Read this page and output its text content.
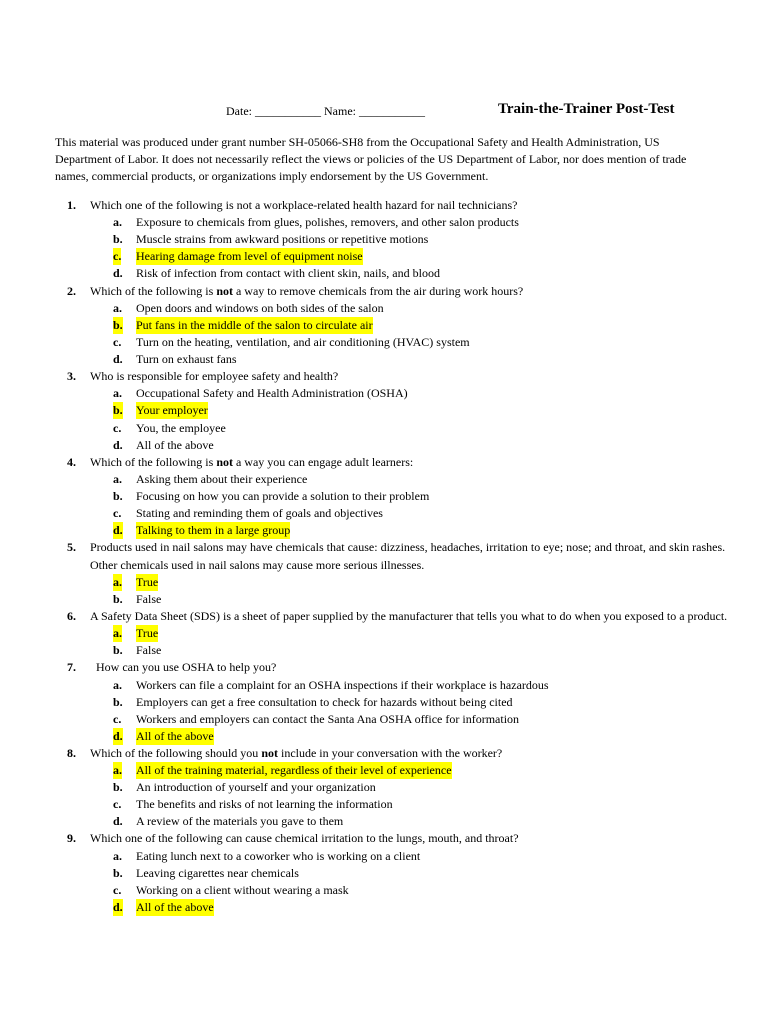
Date: ___________ Name: ___________	Train-the-Trainer Post-Test
This material was produced under grant number SH-05066-SH8 from the Occupational Safety and Health Administration, US Department of Labor. It does not necessarily reflect the views or policies of the US Department of Labor, nor does mention of trade names, commercial products, or organizations imply endorsement by the US Government.
1. Which one of the following is not a workplace-related health hazard for nail technicians?
a. Exposure to chemicals from glues, polishes, removers, and other salon products
b. Muscle strains from awkward positions or repetitive motions
c. Hearing damage from level of equipment noise
d. Risk of infection from contact with client skin, nails, and blood
2. Which of the following is not a way to remove chemicals from the air during work hours?
a. Open doors and windows on both sides of the salon
b. Put fans in the middle of the salon to circulate air
c. Turn on the heating, ventilation, and air conditioning (HVAC) system
d. Turn on exhaust fans
3. Who is responsible for employee safety and health?
a. Occupational Safety and Health Administration (OSHA)
b. Your employer
c. You, the employee
d. All of the above
4. Which of the following is not a way you can engage adult learners:
a. Asking them about their experience
b. Focusing on how you can provide a solution to their problem
c. Stating and reminding them of goals and objectives
d. Talking to them in a large group
5. Products used in nail salons may have chemicals that cause: dizziness, headaches, irritation to eye; nose; and throat, and skin rashes. Other chemicals used in nail salons may cause more serious illnesses.
a. True
b. False
6. A Safety Data Sheet (SDS) is a sheet of paper supplied by the manufacturer that tells you what to do when you exposed to a product.
a. True
b. False
7. How can you use OSHA to help you?
a. Workers can file a complaint for an OSHA inspections if their workplace is hazardous
b. Employers can get a free consultation to check for hazards without being cited
c. Workers and employers can contact the Santa Ana OSHA office for information
d. All of the above
8. Which of the following should you not include in your conversation with the worker?
a. All of the training material, regardless of their level of experience
b. An introduction of yourself and your organization
c. The benefits and risks of not learning the information
d. A review of the materials you gave to them
9. Which one of the following can cause chemical irritation to the lungs, mouth, and throat?
a. Eating lunch next to a coworker who is working on a client
b. Leaving cigarettes near chemicals
c. Working on a client without wearing a mask
d. All of the above
